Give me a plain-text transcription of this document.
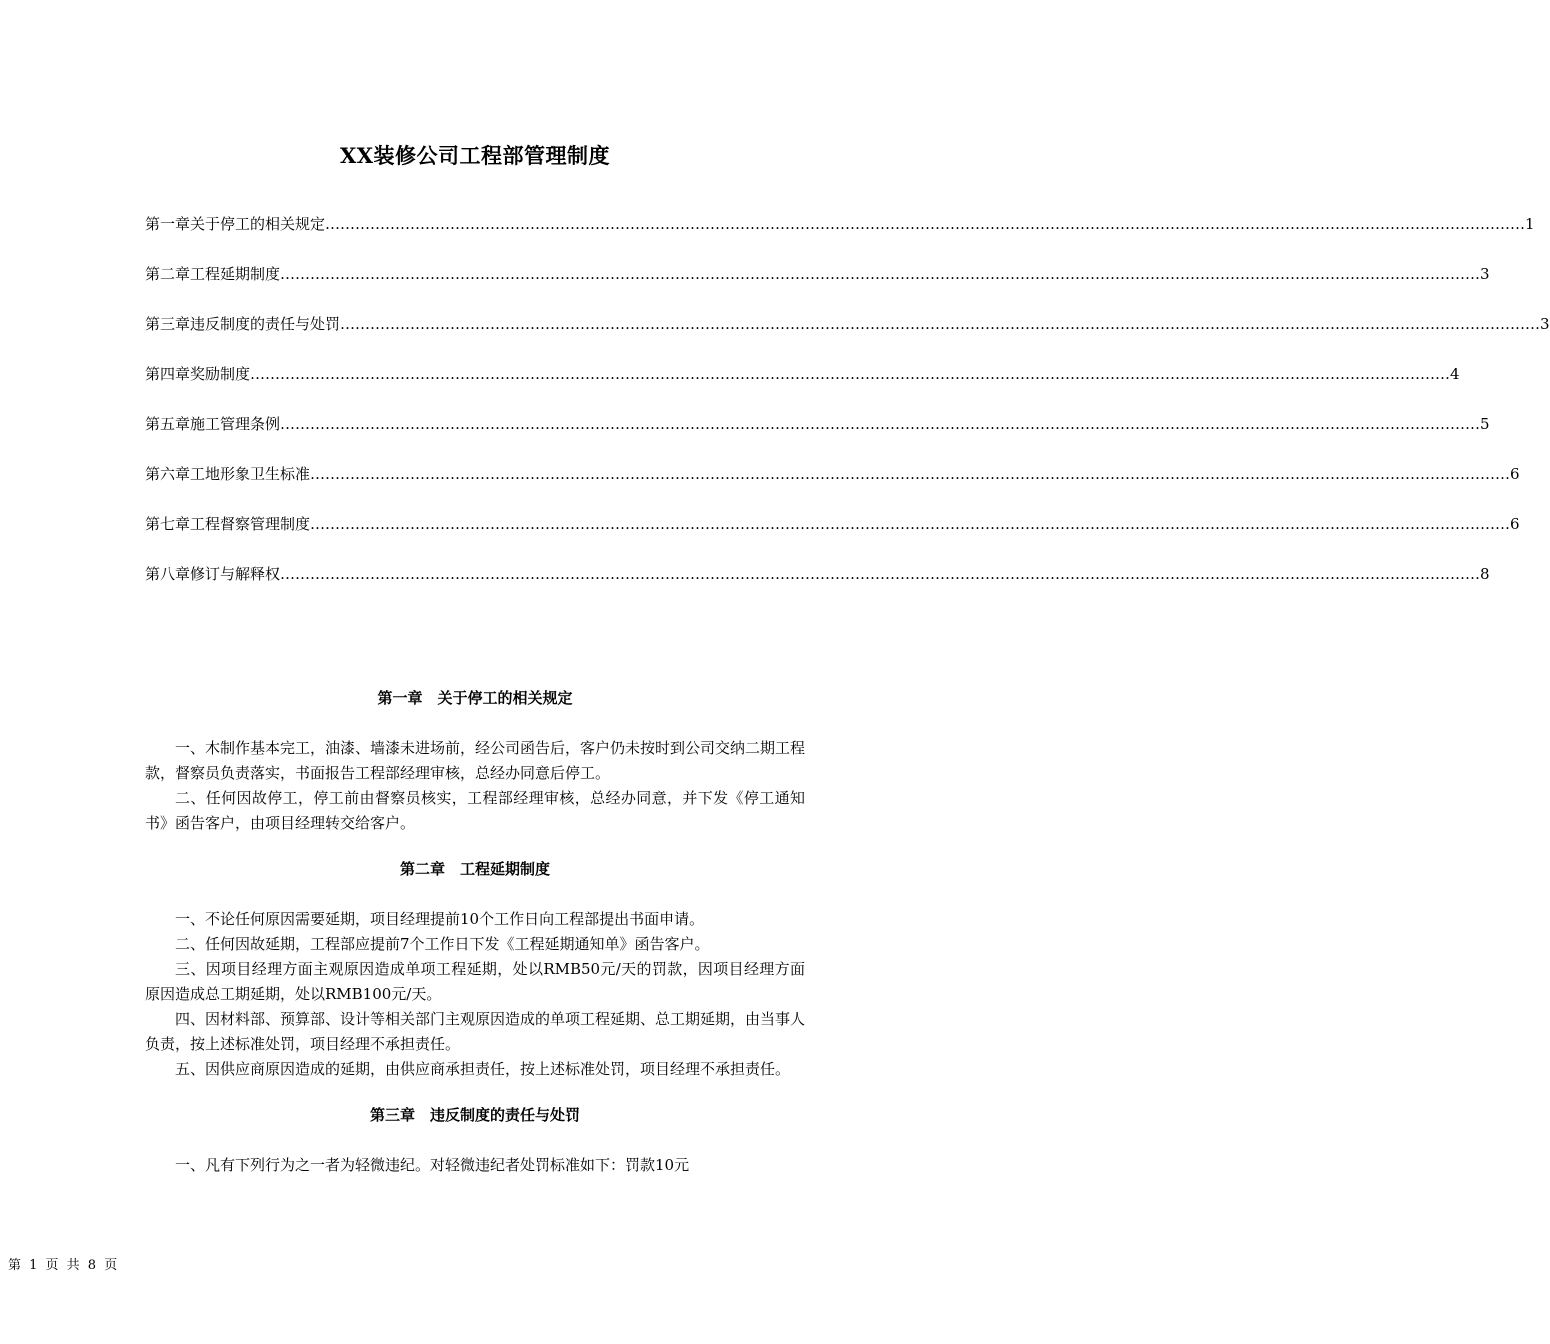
XX装修公司工程部管理制度
第一章 关于停工的相关规定 …………………………………………………………………………………………………………………………………………………………………………………………………………………… 1
第二章 工程延期制度 …………………………………………………………………………………………………………………………………………………………………………………………………………………… 3
第三章 违反制度的责任与处罚 …………………………………………………………………………………………………………………………………………………………………………………………………………………… 3
第四章 奖励制度 …………………………………………………………………………………………………………………………………………………………………………………………………………………… 4
第五章 施工管理条例 …………………………………………………………………………………………………………………………………………………………………………………………………………………… 5
第六章 工地形象卫生标准 …………………………………………………………………………………………………………………………………………………………………………………………………………………… 6
第七章 工程督察管理制度 …………………………………………………………………………………………………………………………………………………………………………………………………………………… 6
第八章 修订与解释权 …………………………………………………………………………………………………………………………………………………………………………………………………………………… 8
第一章　关于停工的相关规定

一、木制作基本完工，油漆、墙漆未进场前，经公司函告后，客户仍未按时到公司交纳二期工程款，督察员负责落实，书面报告工程部经理审核，总经办同意后停工。

二、任何因故停工，停工前由督察员核实，工程部经理审核，总经办同意，并下发《停工通知书》函告客户，由项目经理转交给客户。

第二章　工程延期制度

一、不论任何原因需要延期，项目经理提前10个工作日向工程部提出书面申请。

二、任何因故延期，工程部应提前7个工作日下发《工程延期通知单》函告客户。

三、因项目经理方面主观原因造成单项工程延期，处以RMB50元/天的罚款，因项目经理方面原因造成总工期延期，处以RMB100元/天。

四、因材料部、预算部、设计等相关部门主观原因造成的单项工程延期、总工期延期，由当事人负责，按上述标准处罚，项目经理不承担责任。

五、因供应商原因造成的延期，由供应商承担责任，按上述标准处罚，项目经理不承担责任。

第三章　违反制度的责任与处罚

一、凡有下列行为之一者为轻微违纪。对轻微违纪者处罚标准如下：罚款10元

第 1 页 共 8 页
